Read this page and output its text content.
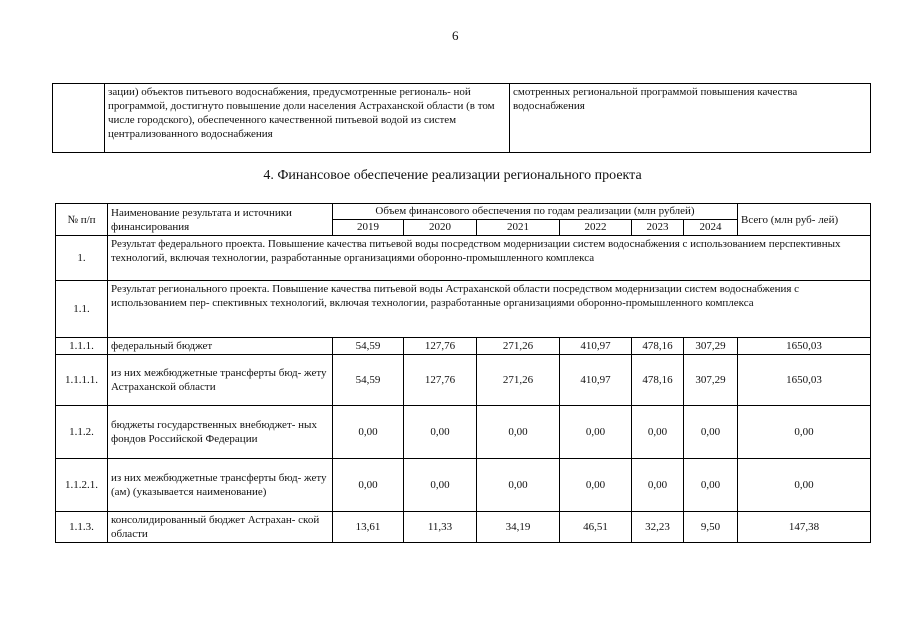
6
	зации) объектов питьевого водоснабжения, предусмотренные региональ- ной программой, достигнуто повышение доли населения Астраханской области (в том числе городского), обеспеченного качественной питьевой водой из систем централизованного водоснабжения	смотренных региональной программой повышения качества водоснабжения
4. Финансовое обеспечение реализации регионального проекта
№ п/п	Наименование результата и источники финансирования	Объем финансового обеспечения по годам реализации (млн рублей)						Всего (млн руб- лей)
		2019	2020	2021	2022	2023	2024	
1.	Результат федерального проекта. Повышение качества питьевой воды посредством модернизации систем водоснабжения с использованием перспективных технологий, включая технологии, разработанные организациями оборонно-промышленного комплекса							
1.1.	Результат регионального проекта. Повышение качества питьевой воды Астраханской области посредством модернизации систем водоснабжения с использованием пер- спективных технологий, включая технологии, разработанные организациями оборонно-промышленного комплекса							
1.1.1.	федеральный бюджет	54,59	127,76	271,26	410,97	478,16	307,29	1650,03
1.1.1.1.	из них межбюджетные трансферты бюд- жету Астраханской области	54,59	127,76	271,26	410,97	478,16	307,29	1650,03
1.1.2.	бюджеты государственных внебюджет- ных фондов Российской Федерации	0,00	0,00	0,00	0,00	0,00	0,00	0,00
1.1.2.1.	из них межбюджетные трансферты бюд- жету (ам) (указывается наименование)	0,00	0,00	0,00	0,00	0,00	0,00	0,00
1.1.3.	консолидированный бюджет Астрахан- ской области	13,61	11,33	34,19	46,51	32,23	9,50	147,38
